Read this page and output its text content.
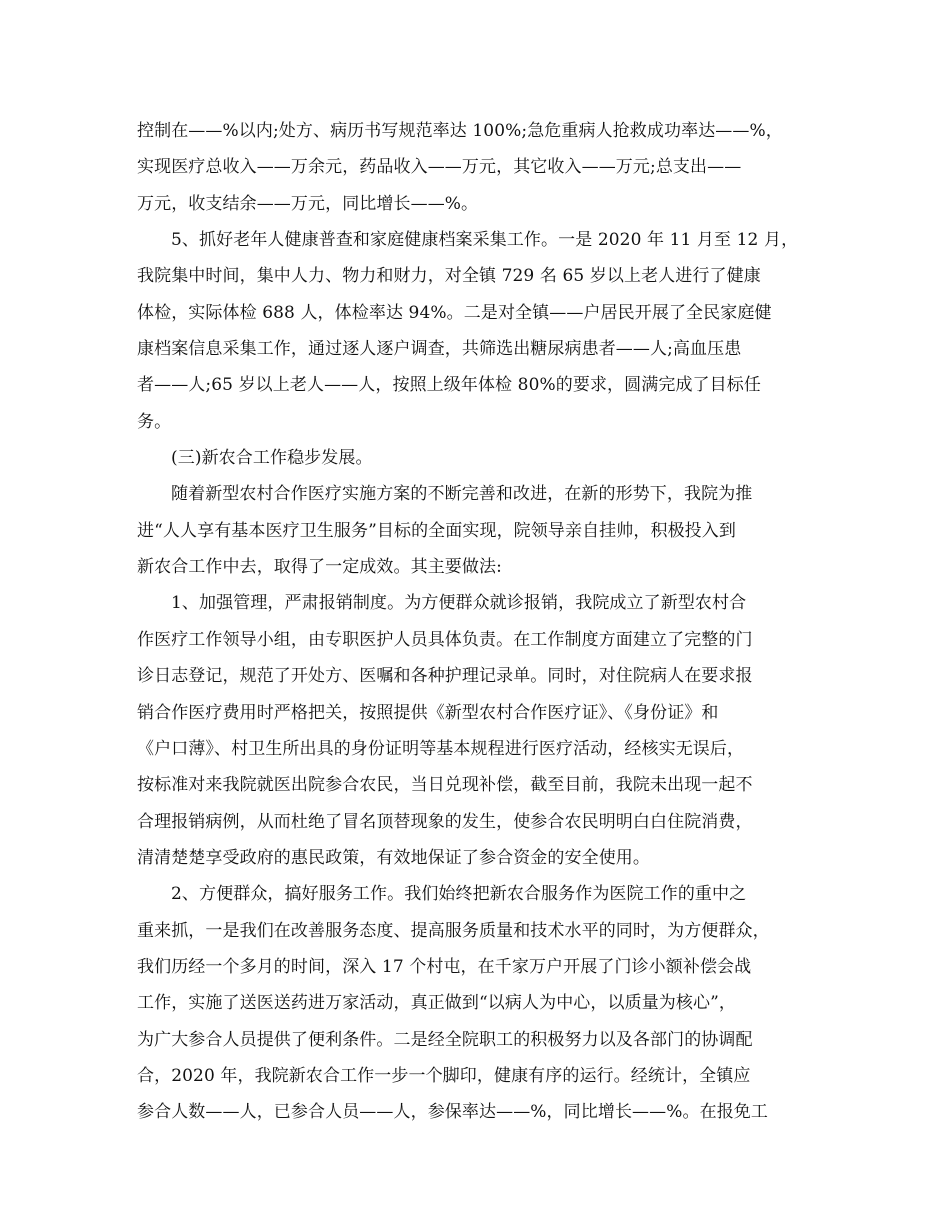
控制在——%以内;处方、病历书写规范率达 100%;急危重病人抢救成功率达——%，
实现医疗总收入——万余元，药品收入——万元，其它收入——万元;总支出——
万元，收支结余——万元，同比增长——%。
5、抓好老年人健康普查和家庭健康档案采集工作。一是 2020 年 11 月至 12 月，
我院集中时间，集中人力、物力和财力，对全镇 729 名 65 岁以上老人进行了健康
体检，实际体检 688 人，体检率达 94%。二是对全镇——户居民开展了全民家庭健
康档案信息采集工作，通过逐人逐户调查，共筛选出糖尿病患者——人;高血压患
者——人;65 岁以上老人——人，按照上级年体检 80%的要求，圆满完成了目标任
务。
(三)新农合工作稳步发展。
随着新型农村合作医疗实施方案的不断完善和改进，在新的形势下，我院为推
进“人人享有基本医疗卫生服务”目标的全面实现，院领导亲自挂帅，积极投入到
新农合工作中去，取得了一定成效。其主要做法:
1、加强管理，严肃报销制度。为方便群众就诊报销，我院成立了新型农村合
作医疗工作领导小组，由专职医护人员具体负责。在工作制度方面建立了完整的门
诊日志登记，规范了开处方、医嘱和各种护理记录单。同时，对住院病人在要求报
销合作医疗费用时严格把关，按照提供《新型农村合作医疗证》、《身份证》和
《户口薄》、村卫生所出具的身份证明等基本规程进行医疗活动，经核实无误后，
按标准对来我院就医出院参合农民，当日兑现补偿，截至目前，我院未出现一起不
合理报销病例，从而杜绝了冒名顶替现象的发生，使参合农民明明白白住院消费，
清清楚楚享受政府的惠民政策，有效地保证了参合资金的安全使用。
2、方便群众，搞好服务工作。我们始终把新农合服务作为医院工作的重中之
重来抓，一是我们在改善服务态度、提高服务质量和技术水平的同时，为方便群众，
我们历经一个多月的时间，深入 17 个村屯，在千家万户开展了门诊小额补偿会战
工作，实施了送医送药进万家活动，真正做到“以病人为中心，以质量为核心”，
为广大参合人员提供了便利条件。二是经全院职工的积极努力以及各部门的协调配
合，2020 年，我院新农合工作一步一个脚印，健康有序的运行。经统计，全镇应
参合人数——人，已参合人员——人，参保率达——%，同比增长——%。在报免工
